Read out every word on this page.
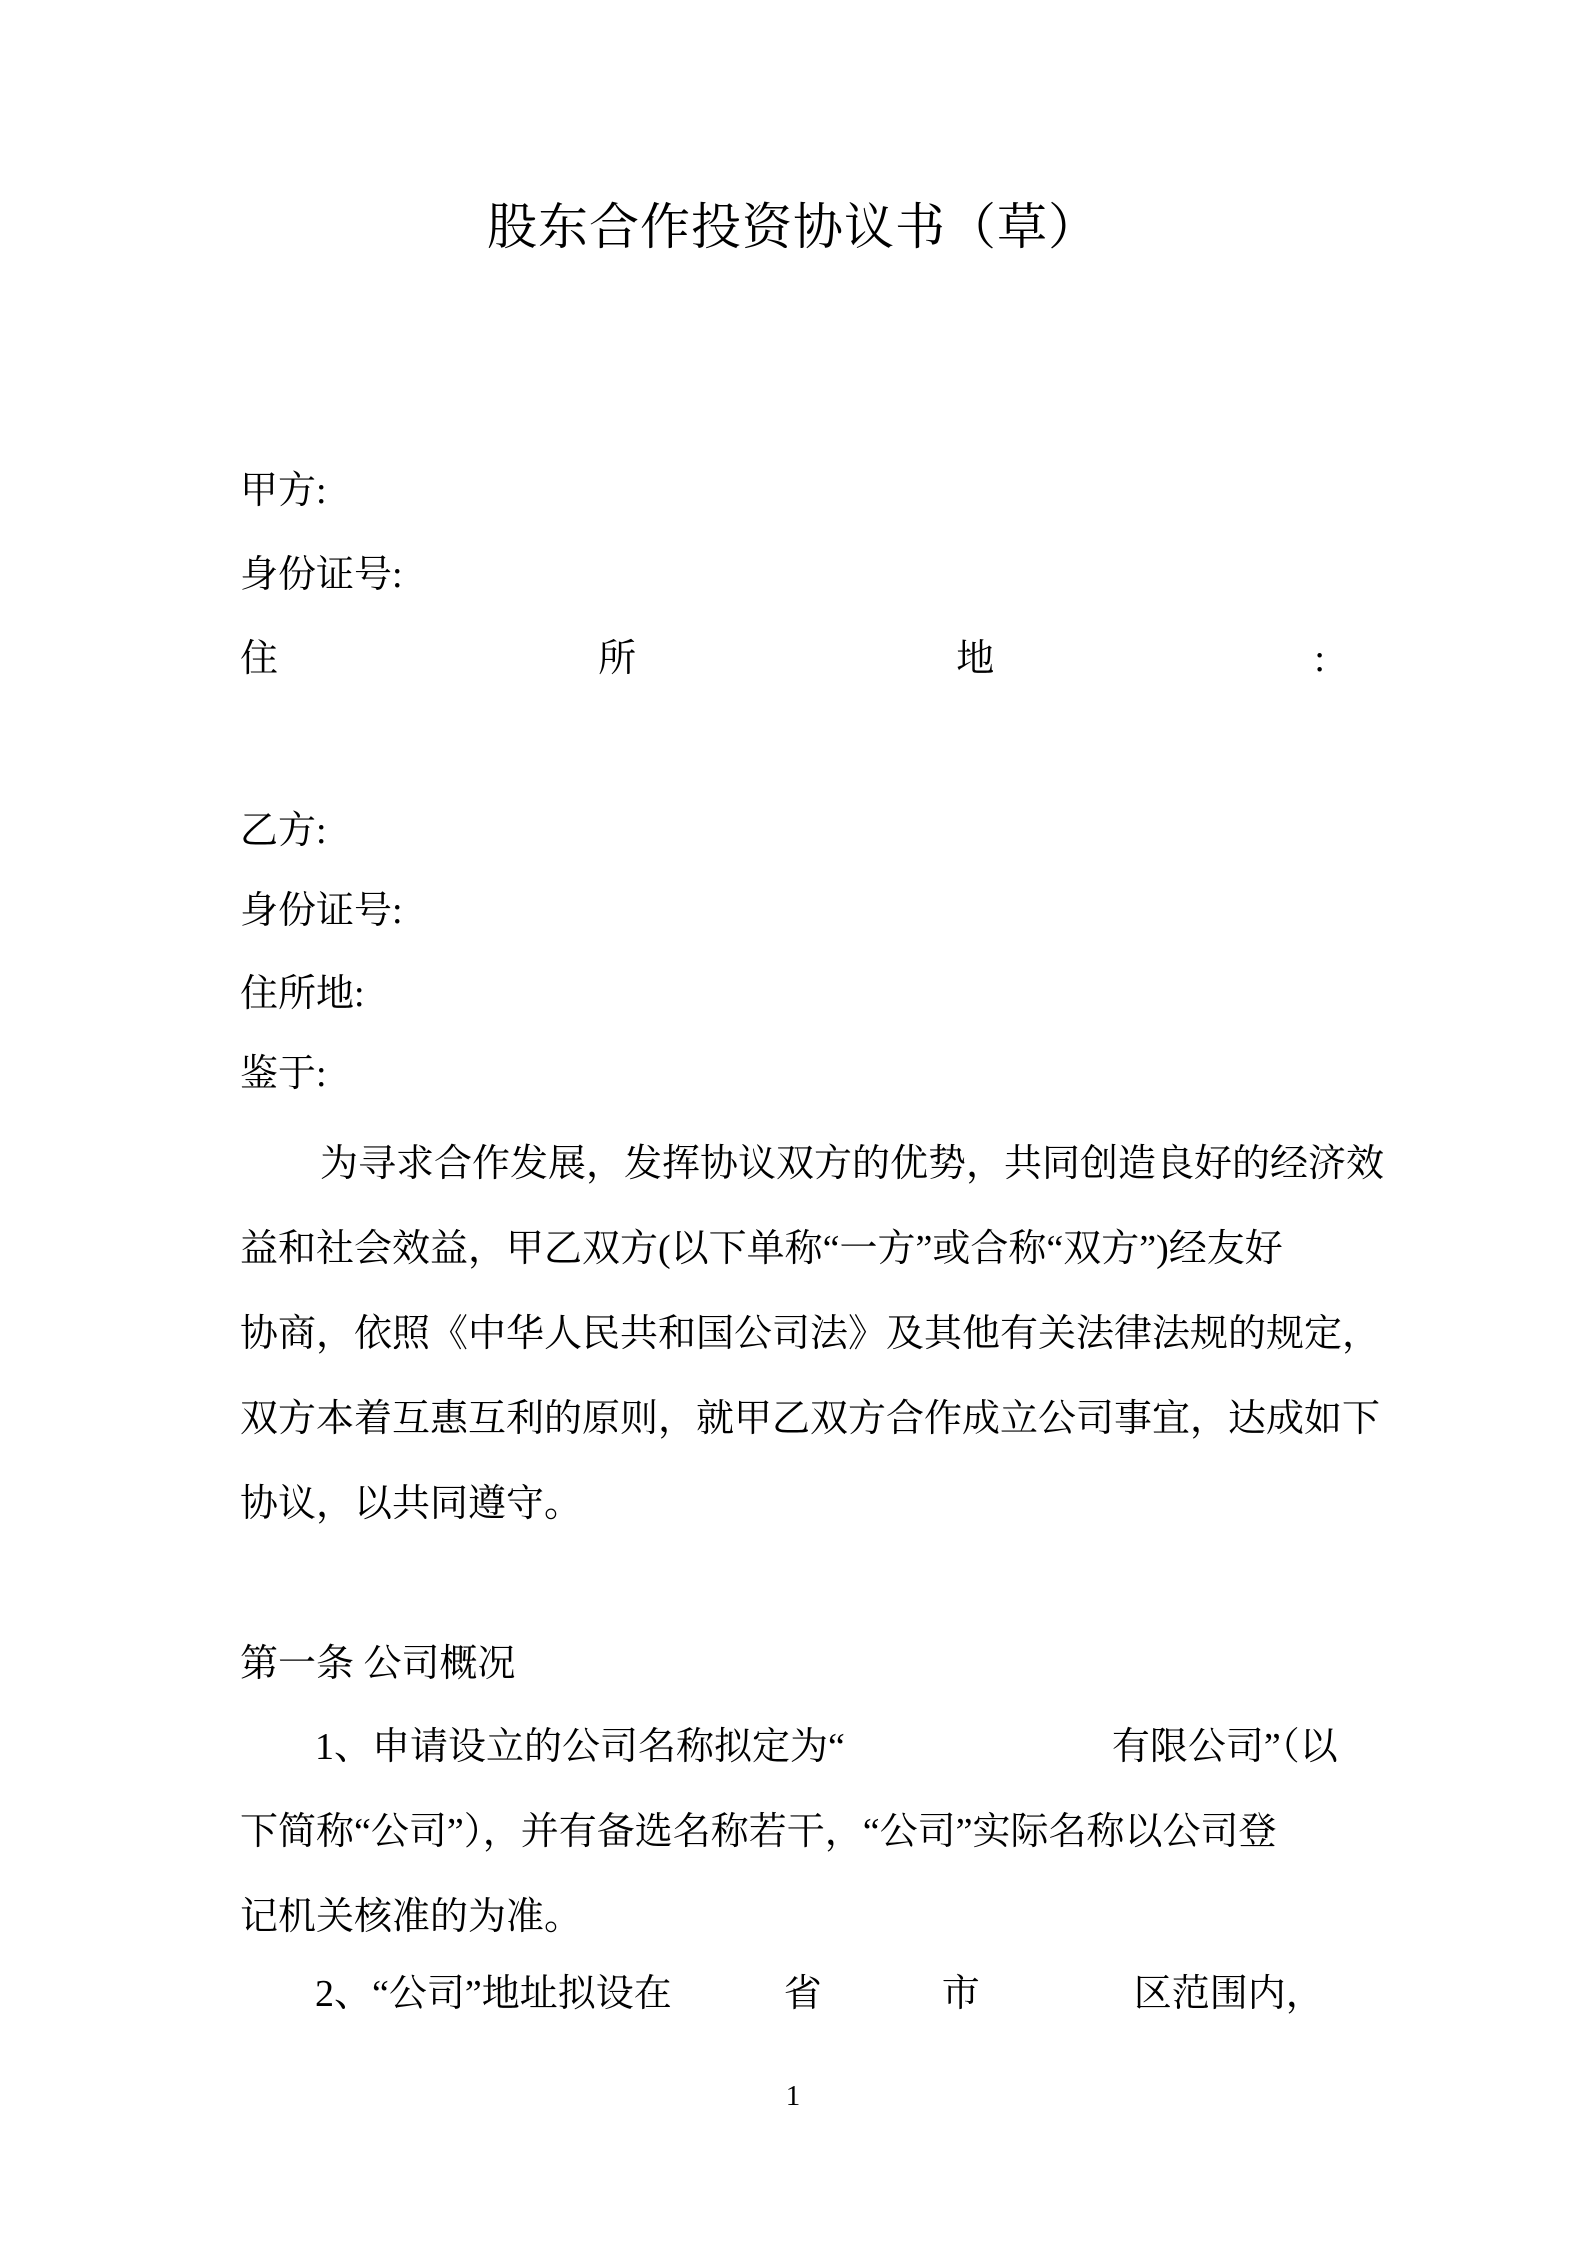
股东合作投资协议书（草）
甲方:
身份证号:
住	所	地	:
乙方:
身份证号:
住所地:
鉴于:
为寻求合作发展，发挥协议双方的优势，共同创造良好的经济效
益和社会效益，甲乙双方(以下单称“一方”或合称“双方”)经友好
协商，依照《中华人民共和国公司法》及其他有关法律法规的规定，
双方本着互惠互利的原则，就甲乙双方合作成立公司事宜，达成如下
协议，以共同遵守。
第一条 公司概况
1、申请设立的公司名称拟定为“	有限公司”（以
下简称“公司”），并有备选名称若干，“公司”实际名称以公司登
记机关核准的为准。
2、“公司”地址拟设在	省	市	区范围内，
1
